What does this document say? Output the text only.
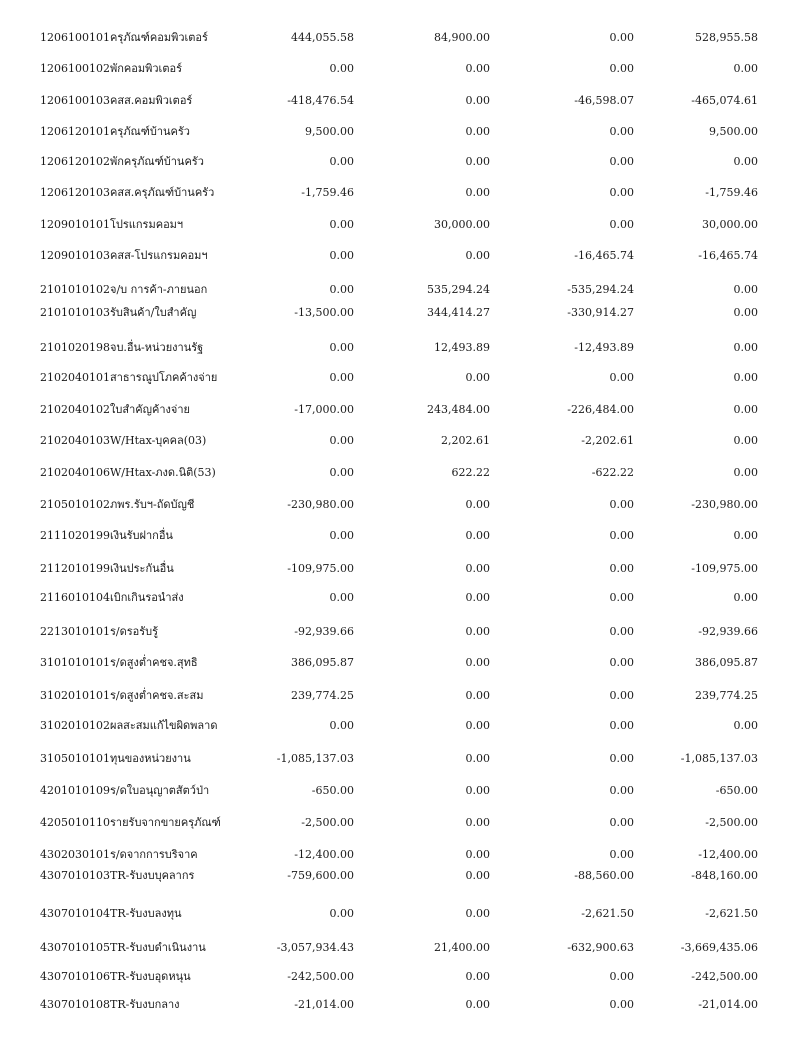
1206100101 ครุภัณฑ์คอมพิวเตอร์	444,055.58	84,900.00	0.00	528,955.58
1206100102 พักคอมพิวเตอร์	0.00	0.00	0.00	0.00
1206100103 คสส.คอมพิวเตอร์	-418,476.54	0.00	-46,598.07	-465,074.61
1206120101 ครุภัณฑ์บ้านครัว	9,500.00	0.00	0.00	9,500.00
1206120102 พักครุภัณฑ์บ้านครัว	0.00	0.00	0.00	0.00
1206120103 คสส.ครุภัณฑ์บ้านครัว	-1,759.46	0.00	0.00	-1,759.46
1209010101 โปรแกรมคอมฯ	0.00	30,000.00	0.00	30,000.00
1209010103 คสส-โปรแกรมคอมฯ	0.00	0.00	-16,465.74	-16,465.74
2101010102 จ/บ การค้า-ภายนอก	0.00	535,294.24	-535,294.24	0.00
2101010103 รับสินค้า/ใบสำคัญ	-13,500.00	344,414.27	-330,914.27	0.00
2101020198 จบ.อื่น-หน่วยงานรัฐ	0.00	12,493.89	-12,493.89	0.00
2102040101 สาธารณูปโภคค้างจ่าย	0.00	0.00	0.00	0.00
2102040102 ใบสำคัญค้างจ่าย	-17,000.00	243,484.00	-226,484.00	0.00
2102040103 W/Htax-บุคคล(03)	0.00	2,202.61	-2,202.61	0.00
2102040106 W/Htax-ภงด.นิติ(53)	0.00	622.22	-622.22	0.00
2105010102 ภพร.รับฯ-ถัดบัญชี	-230,980.00	0.00	0.00	-230,980.00
2111020199 เงินรับฝากอื่น	0.00	0.00	0.00	0.00
2112010199 เงินประกันอื่น	-109,975.00	0.00	0.00	-109,975.00
2116010104 เบิกเกินรอนำส่ง	0.00	0.00	0.00	0.00
2213010101 ร/ดรอรับรู้	-92,939.66	0.00	0.00	-92,939.66
3101010101 ร/ดสูงต่ำคชจ.สุทธิ	386,095.87	0.00	0.00	386,095.87
3102010101 ร/ดสูงต่ำคชจ.สะสม	239,774.25	0.00	0.00	239,774.25
3102010102 ผลสะสมแก้ไขผิดพลาด	0.00	0.00	0.00	0.00
3105010101 ทุนของหน่วยงาน	-1,085,137.03	0.00	0.00	-1,085,137.03
4201010109 ร/ดใบอนุญาตสัตว์ป่า	-650.00	0.00	0.00	-650.00
4205010110 รายรับจากขายครุภัณฑ์	-2,500.00	0.00	0.00	-2,500.00
4302030101 ร/ดจากการบริจาค	-12,400.00	0.00	0.00	-12,400.00
4307010103 TR-รับงบบุคลากร	-759,600.00	0.00	-88,560.00	-848,160.00
4307010104 TR-รับงบลงทุน	0.00	0.00	-2,621.50	-2,621.50
4307010105 TR-รับงบดำเนินงาน	-3,057,934.43	21,400.00	-632,900.63	-3,669,435.06
4307010106 TR-รับงบอุดหนุน	-242,500.00	0.00	0.00	-242,500.00
4307010108 TR-รับงบกลาง	-21,014.00	0.00	0.00	-21,014.00
